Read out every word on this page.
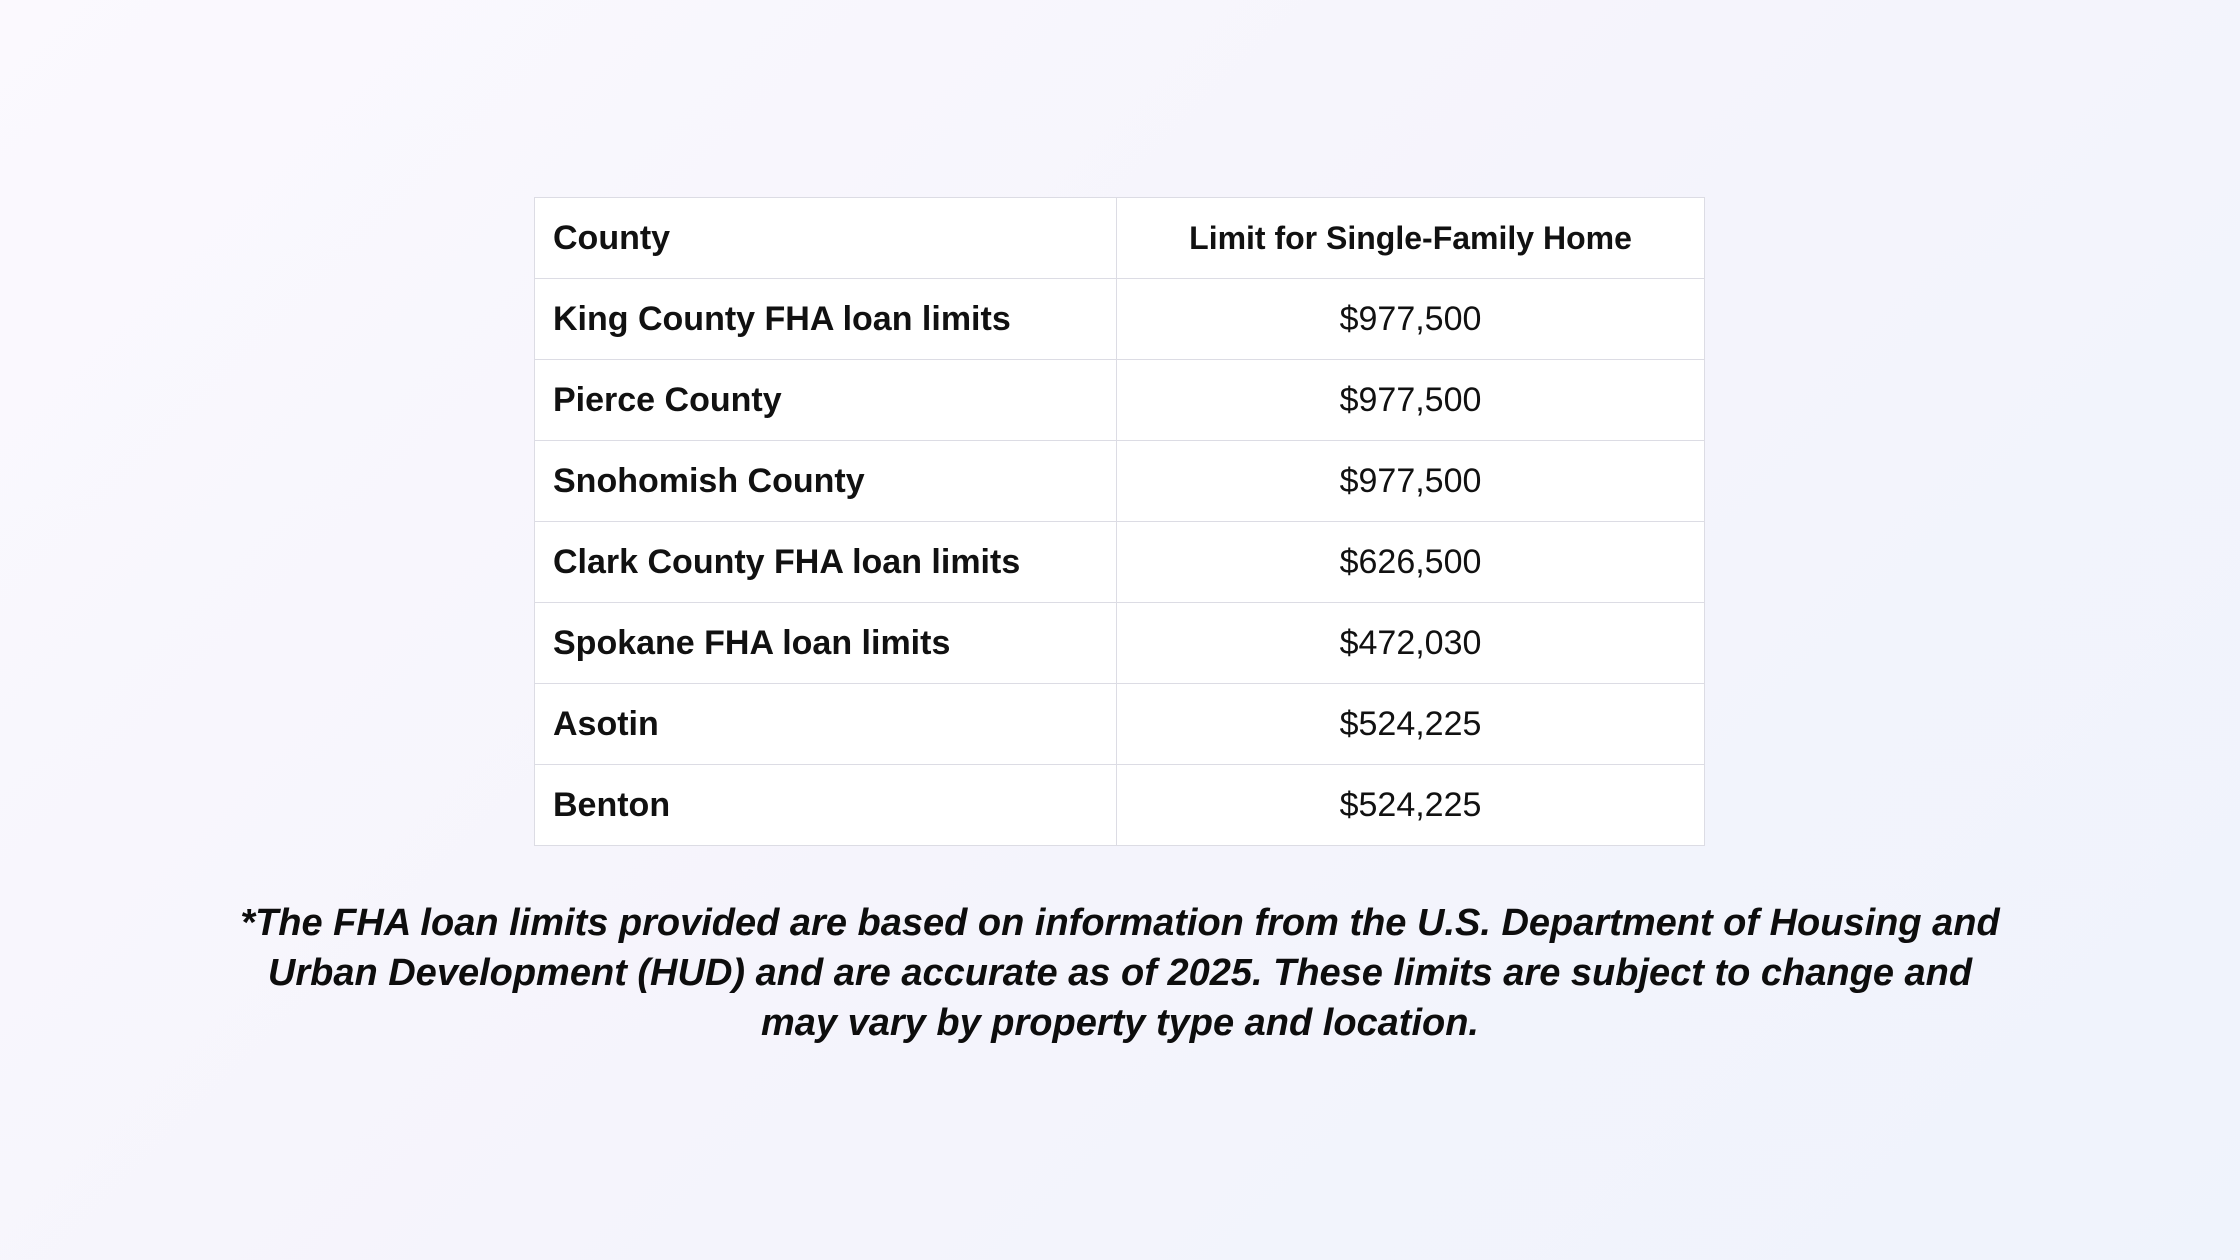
County	Limit for Single-Family Home
King County FHA loan limits	$977,500
Pierce County	$977,500
Snohomish County	$977,500
Clark County FHA loan limits	$626,500
Spokane FHA loan limits	$472,030
Asotin	$524,225
Benton	$524,225
*The FHA loan limits provided are based on information from the U.S. Department of Housing and Urban Development (HUD) and are accurate as of 2025. These limits are subject to change and may vary by property type and location.
